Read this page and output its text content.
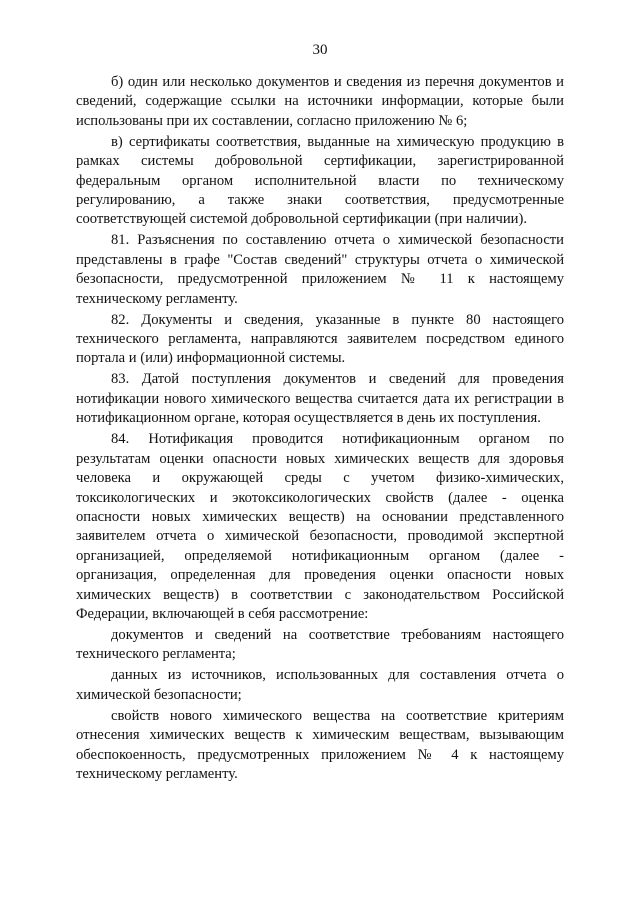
30

б) один или несколько документов и сведения из перечня документов и сведений, содержащие ссылки на источники информации, которые были использованы при их составлении, согласно приложению № 6;

в) сертификаты соответствия, выданные на химическую продукцию в рамках системы добровольной сертификации, зарегистрированной федеральным органом исполнительной власти по техническому регулированию, а также знаки соответствия, предусмотренные соответствующей системой добровольной сертификации (при наличии).

81. Разъяснения по составлению отчета о химической безопасности представлены в графе "Состав сведений" структуры отчета о химической безопасности, предусмотренной приложением № 11 к настоящему техническому регламенту.

82. Документы и сведения, указанные в пункте 80 настоящего технического регламента, направляются заявителем посредством единого портала и (или) информационной системы.

83. Датой поступления документов и сведений для проведения нотификации нового химического вещества считается дата их регистрации в нотификационном органе, которая осуществляется в день их поступления.

84. Нотификация проводится нотификационным органом по результатам оценки опасности новых химических веществ для здоровья человека и окружающей среды с учетом физико-химических, токсикологических и экотоксикологических свойств (далее - оценка опасности новых химических веществ) на основании представленного заявителем отчета о химической безопасности, проводимой экспертной организацией, определяемой нотификационным органом (далее - организация, определенная для проведения оценки опасности новых химических веществ) в соответствии с законодательством Российской Федерации, включающей в себя рассмотрение:

документов и сведений на соответствие требованиям настоящего технического регламента;

данных из источников, использованных для составления отчета о химической безопасности;

свойств нового химического вещества на соответствие критериям отнесения химических веществ к химическим веществам, вызывающим обеспокоенность, предусмотренных приложением № 4 к настоящему техническому регламенту.
